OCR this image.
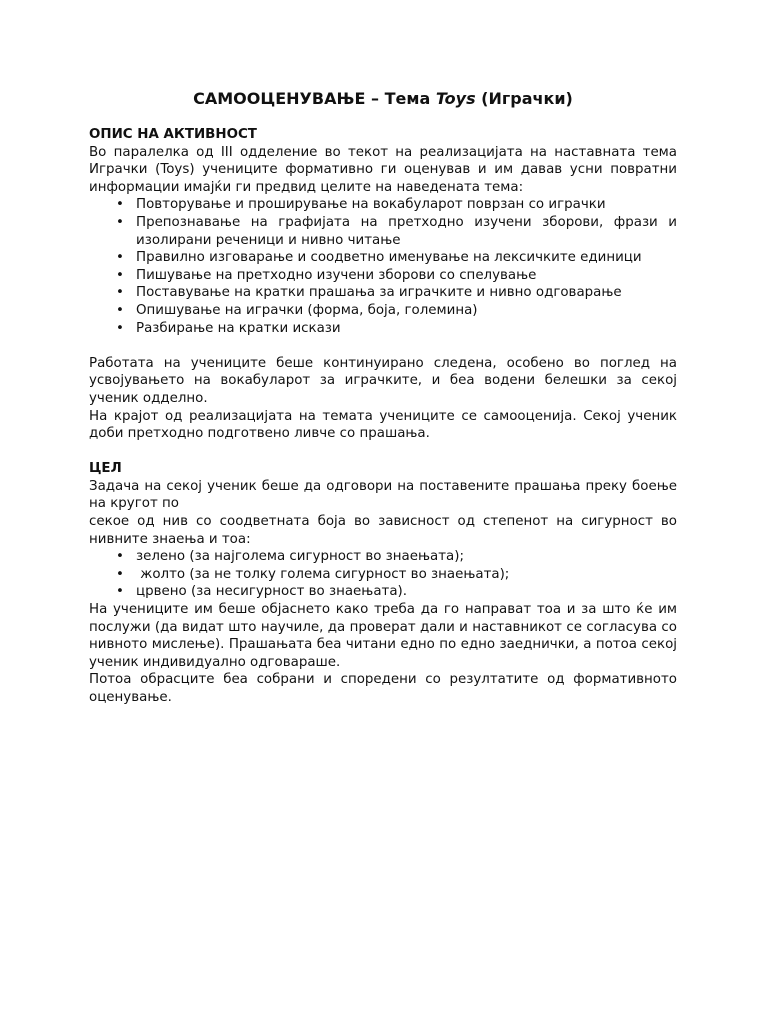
САМООЦЕНУВАЊЕ – Тема Toys (Играчки)

ОПИС НА АКТИВНОСТ

Во паралелка од III одделение во текот на реализацијата на наставната тема Играчки (Toys) учениците формативно ги оценував и им давав усни повратни информации имајќи ги предвид целите на наведената тема:

• Повторување и проширување на вокабуларот поврзан со играчки
• Препознавање на графијата на претходно изучени зборови, фрази и изолирани реченици и нивно читање
• Правилно изговарање и соодветно именување на лексичките единици
• Пишување на претходно изучени зборови со спелување
• Поставување на кратки прашања за играчките и нивно одговарање
• Опишување на играчки (форма, боја, големина)
• Разбирање на кратки искази

Работата на учениците беше континуирано следена, особено во поглед на усвојувањето на вокабуларот за играчките, и беа водени белешки за секој ученик одделно.

На крајот од реализацијата на темата учениците се самооценија. Секој ученик доби претходно подготвено ливче со прашања.

ЦЕЛ

Задача на секој ученик беше да одговори на поставените прашања преку боење на кругот по

секое од нив со соодветната боја во зависност од степенот на сигурност во нивните знаења и тоа:

• зелено (за најголема сигурност во знаењата);
•  жолто (за не толку голема сигурност во знаењата);
• црвено (за несигурност во знаењата).

На учениците им беше објаснето како треба да го направат тоа и за што ќе им послужи (да видат што научиле, да проверат дали и наставникот се согласува со нивното мислење). Прашањата беа читани едно по едно заеднички, а потоа секој ученик индивидуално одговараше.

Потоа обрасците беа собрани и споредени со резултатите од формативното оценување.
